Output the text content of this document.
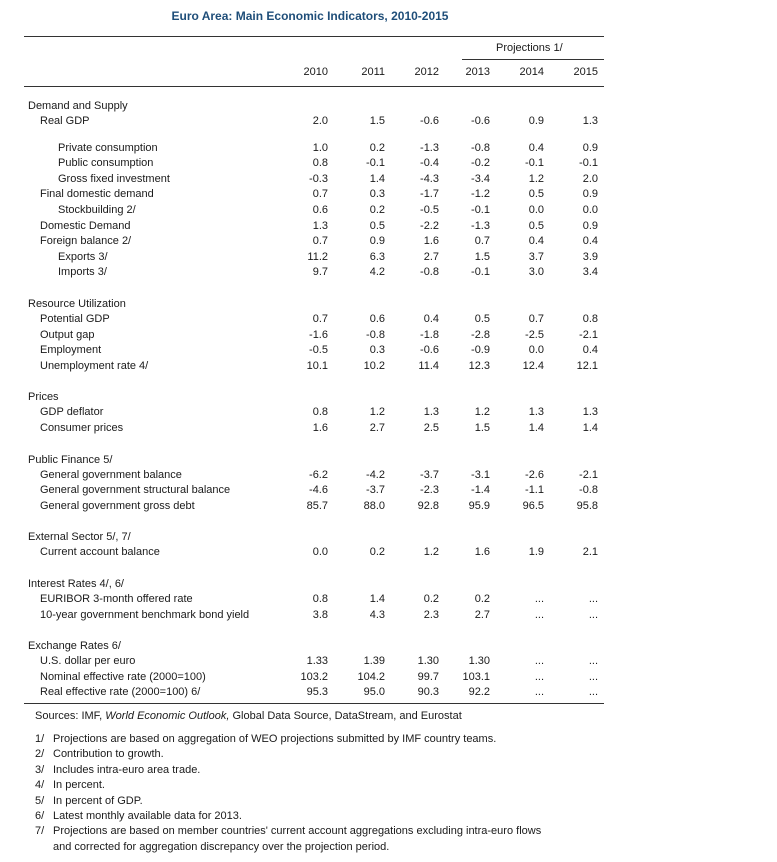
Euro Area: Main Economic Indicators, 2010-2015
Projections 1/
2010	2011	2012	2013	2014	2015
Demand and Supply
Real GDP	2.0	1.5	-0.6	-0.6	0.9	1.3
Private consumption	1.0	0.2	-1.3	-0.8	0.4	0.9
Public consumption	0.8	-0.1	-0.4	-0.2	-0.1	-0.1
Gross fixed investment	-0.3	1.4	-4.3	-3.4	1.2	2.0
Final domestic demand	0.7	0.3	-1.7	-1.2	0.5	0.9
Stockbuilding 2/	0.6	0.2	-0.5	-0.1	0.0	0.0
Domestic Demand	1.3	0.5	-2.2	-1.3	0.5	0.9
Foreign balance 2/	0.7	0.9	1.6	0.7	0.4	0.4
Exports 3/	11.2	6.3	2.7	1.5	3.7	3.9
Imports 3/	9.7	4.2	-0.8	-0.1	3.0	3.4
Resource Utilization
Potential GDP	0.7	0.6	0.4	0.5	0.7	0.8
Output gap	-1.6	-0.8	-1.8	-2.8	-2.5	-2.1
Employment	-0.5	0.3	-0.6	-0.9	0.0	0.4
Unemployment rate 4/	10.1	10.2	11.4	12.3	12.4	12.1
Prices
GDP deflator	0.8	1.2	1.3	1.2	1.3	1.3
Consumer prices	1.6	2.7	2.5	1.5	1.4	1.4
Public Finance 5/
General government balance	-6.2	-4.2	-3.7	-3.1	-2.6	-2.1
General government structural balance	-4.6	-3.7	-2.3	-1.4	-1.1	-0.8
General government gross debt	85.7	88.0	92.8	95.9	96.5	95.8
External Sector 5/, 7/
Current account balance	0.0	0.2	1.2	1.6	1.9	2.1
Interest Rates 4/, 6/
EURIBOR 3-month offered rate	0.8	1.4	0.2	0.2	...	...
10-year government benchmark bond yield	3.8	4.3	2.3	2.7	...	...
Exchange Rates 6/
U.S. dollar per euro	1.33	1.39	1.30	1.30	...	...
Nominal effective rate (2000=100)	103.2	104.2	99.7	103.1	...	...
Real effective rate (2000=100) 6/	95.3	95.0	90.3	92.2	...	...
Sources: IMF, World Economic Outlook, Global Data Source, DataStream, and Eurostat
1/ Projections are based on aggregation of WEO projections submitted by IMF country teams.
2/ Contribution to growth.
3/ Includes intra-euro area trade.
4/ In percent.
5/ In percent of GDP.
6/ Latest monthly available data for 2013.
7/ Projections are based on member countries' current account aggregations excluding intra-euro flows
and corrected for aggregation discrepancy over the projection period.
